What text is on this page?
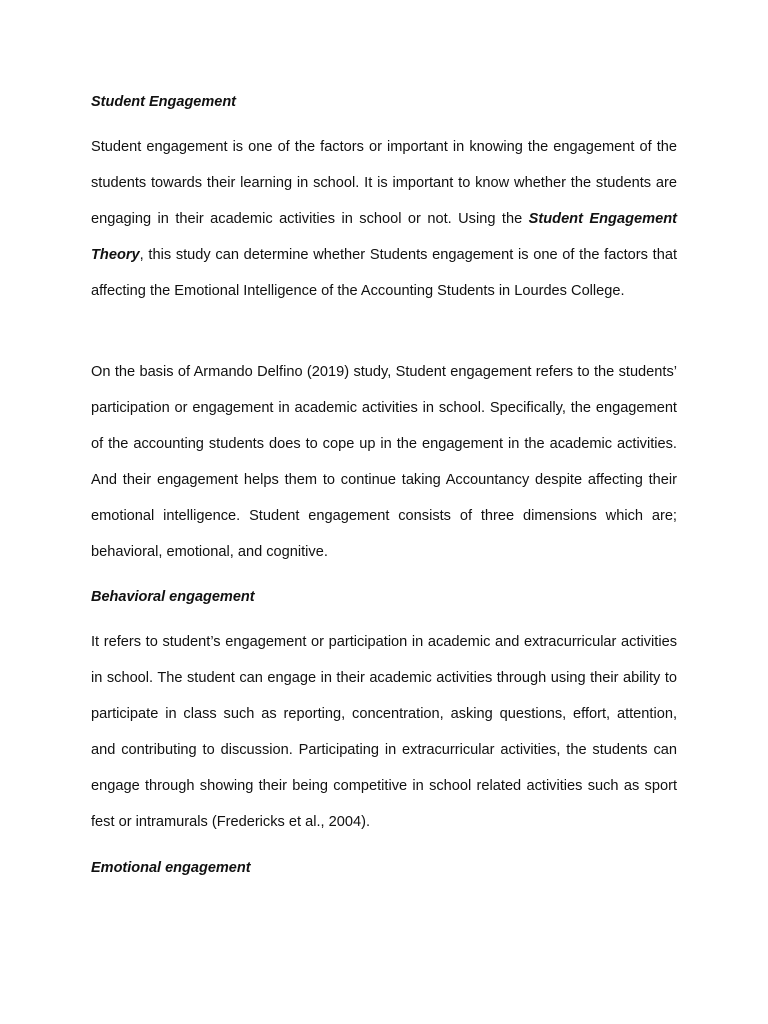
Student Engagement

Student engagement is one of the factors or important in knowing the engagement of the students towards their learning in school. It is important to know whether the students are engaging in their academic activities in school or not. Using the Student Engagement Theory, this study can determine whether Students engagement is one of the factors that affecting the Emotional Intelligence of the Accounting Students in Lourdes College.

On the basis of Armando Delfino (2019) study, Student engagement refers to the students’ participation or engagement in academic activities in school. Specifically, the engagement of the accounting students does to cope up in the engagement in the academic activities. And their engagement helps them to continue taking Accountancy despite affecting their emotional intelligence. Student engagement consists of three dimensions which are; behavioral, emotional, and cognitive.

Behavioral engagement

It refers to student’s engagement or participation in academic and extracurricular activities in school. The student can engage in their academic activities through using their ability to participate in class such as reporting, concentration, asking questions, effort, attention, and contributing to discussion. Participating in extracurricular activities, the students can engage through showing their being competitive in school related activities such as sport fest or intramurals (Fredericks et al., 2004).

Emotional engagement
